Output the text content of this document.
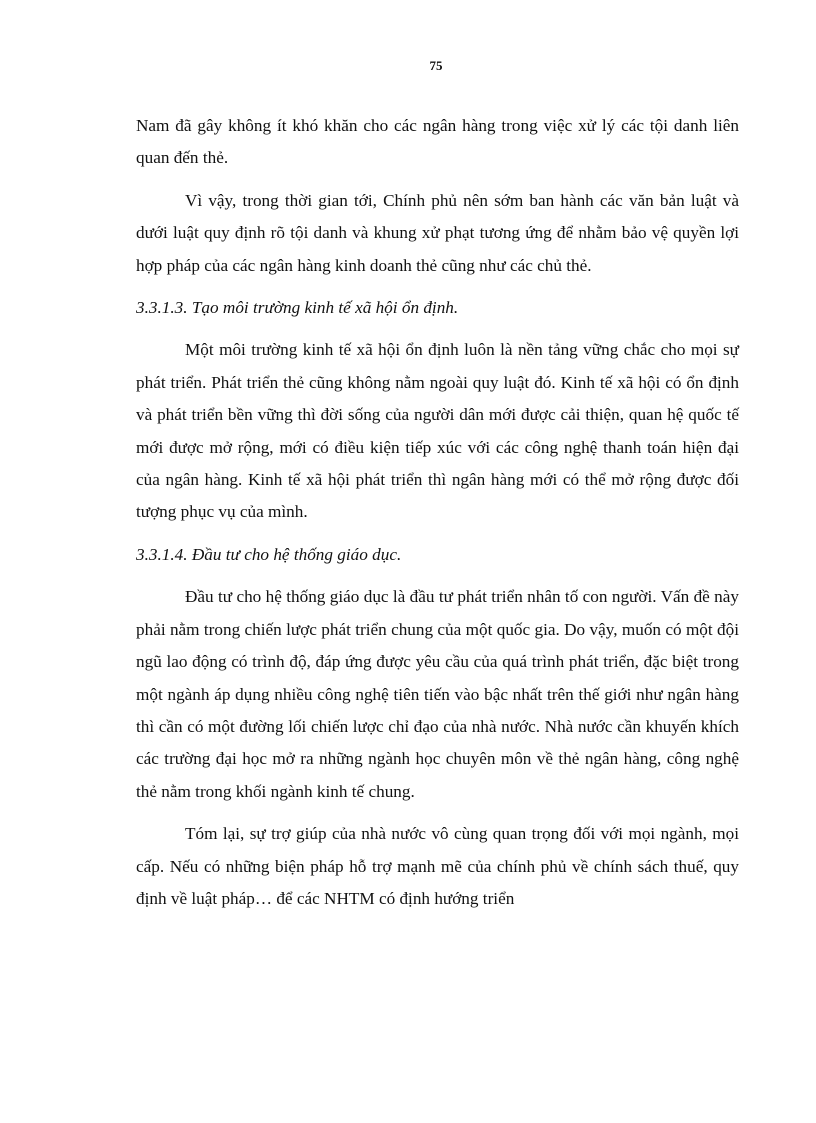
75

Nam đã gây không ít khó khăn cho các ngân hàng trong việc xử lý các tội danh liên quan đến thẻ.

Vì vậy, trong thời gian tới, Chính phủ nên sớm ban hành các văn bản luật và dưới luật quy định rõ tội danh và khung xử phạt tương ứng để nhằm bảo vệ quyền lợi hợp pháp của các ngân hàng kinh doanh thẻ cũng như các chủ thẻ.

3.3.1.3. Tạo môi trường kinh tế xã hội ổn định.

Một môi trường kinh tế xã hội ổn định luôn là nền tảng vững chắc cho mọi sự phát triển. Phát triển thẻ cũng không nằm ngoài quy luật đó. Kinh tế xã hội có ổn định và phát triển bền vững thì đời sống của người dân mới được cải thiện, quan hệ quốc tế mới được mở rộng, mới có điều kiện tiếp xúc với các công nghệ thanh toán hiện đại của ngân hàng. Kinh tế xã hội phát triển thì ngân hàng mới có thể mở rộng được đối tượng phục vụ của mình.

3.3.1.4. Đầu tư cho hệ thống giáo dục.

Đầu tư cho hệ thống giáo dục là đầu tư phát triển nhân tố con người. Vấn đề này phải nằm trong chiến lược phát triển chung của một quốc gia. Do vậy, muốn có một đội ngũ lao động có trình độ, đáp ứng được yêu cầu của quá trình phát triển, đặc biệt trong một ngành áp dụng nhiều công nghệ tiên tiến vào bậc nhất trên thế giới như ngân hàng thì cần có một đường lối chiến lược chỉ đạo của nhà nước. Nhà nước cần khuyến khích các trường đại học mở ra những ngành học chuyên môn về thẻ ngân hàng, công nghệ thẻ nằm trong khối ngành kinh tế chung.

Tóm lại, sự trợ giúp của nhà nước vô cùng quan trọng đối với mọi ngành, mọi cấp. Nếu có những biện pháp hỗ trợ mạnh mẽ của chính phủ về chính sách thuế, quy định về luật pháp… để các NHTM có định hướng triển
